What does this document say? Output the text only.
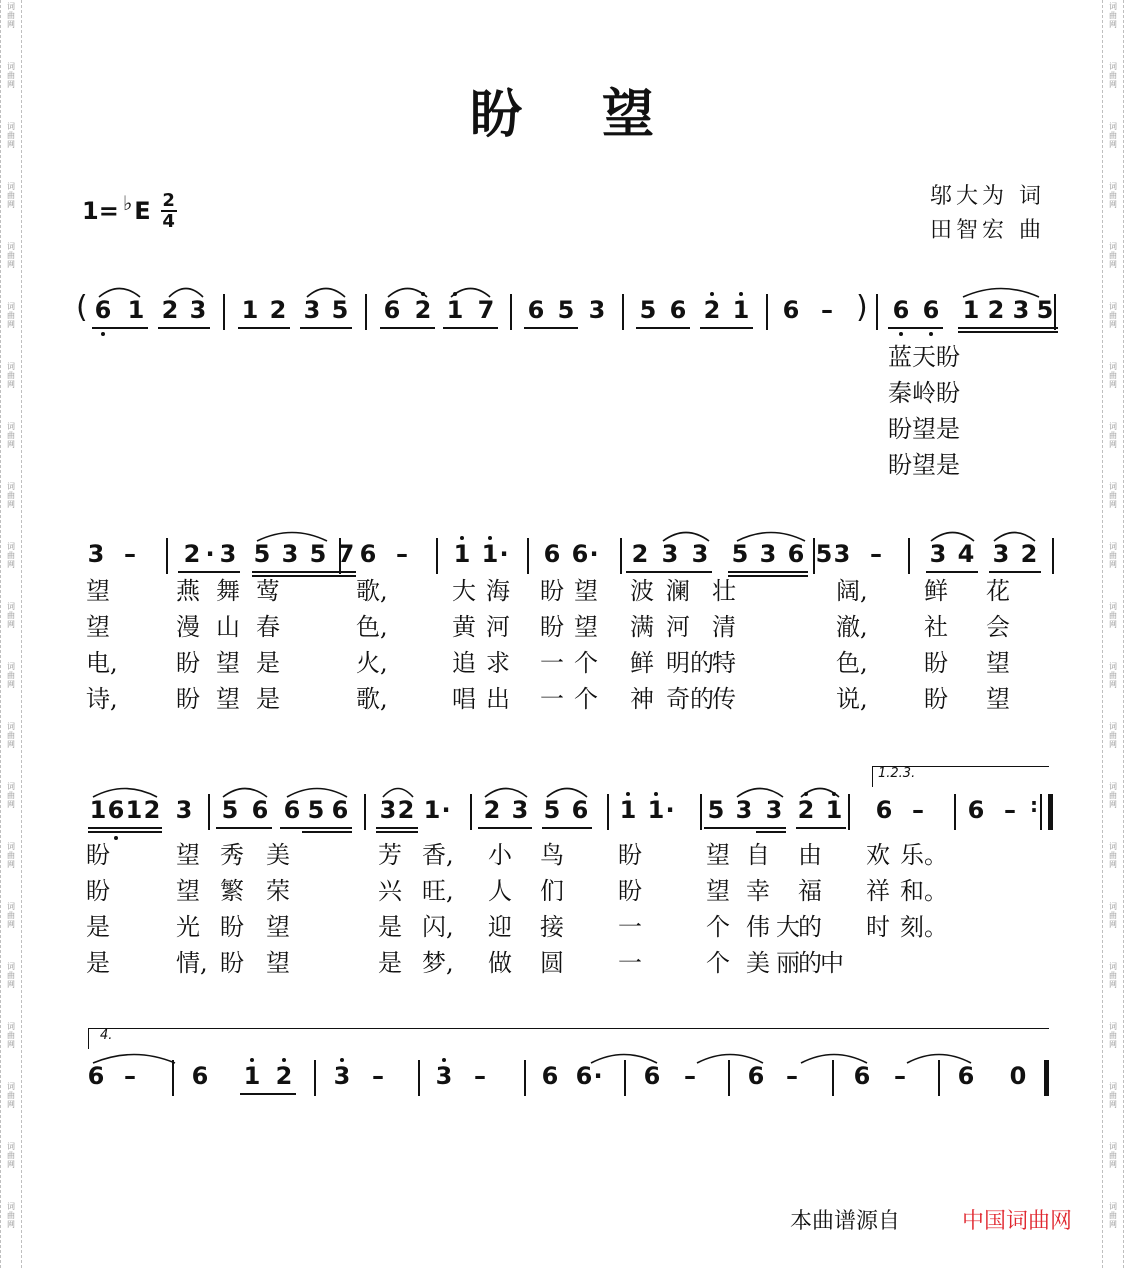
词
曲
网
词
曲
网
词
曲
网
词
曲
网
词
曲
网
词
曲
网
词
曲
网
词
曲
网
词
曲
网
词
曲
网
词
曲
网
词
曲
网
词
曲
网
词
曲
网
词
曲
网
词
曲
网
词
曲
网
词
曲
网
词
曲
网
词
曲
网
词
曲
网
词
曲
网
词
曲
网
词
曲
网
词
曲
网
词
曲
网
词
曲
网
词
曲
网
词
曲
网
词
曲
网
词
曲
网
词
曲
网
词
曲
网
词
曲
网
词
曲
网
词
曲
网
词
曲
网
词
曲
网
词
曲
网
词
曲
网
词
曲
网
词
曲
网
盼望
1= ♭ E 2
4
邬大为 词
田智宏 曲
( 6 1 2 3 1 2 3 5 6 2 1 7 6 5 3 5 6 2 1 6 – 6 6 1 2 3 5
)
蓝天盼
秦岭盼
盼望是
盼望是
3 – 2 · 3 5 3 5 7 6 – 1 1 ·	6 6 ·	2 3 3 5 3 6 5 3 – 3 4 3 2
望	燕 舞 莺	歌,	大 海 盼 望 波 澜 壮	阔, 鲜 花
望	漫 山 春	色,	黄 河 盼 望 满 河 清	澈, 社 会
电, 盼 望 是	火,	追 求 一 个 鲜 明 的
特	色, 盼 望
诗, 盼 望 是	歌,	唱 出 一 个 神 奇 的
传	说, 盼 望
1 6 1 2 3 5 6 6 5 6 3 2 1 ·	2 3 5 6 1 1 ·	5 3 3 2 1 6 – 6 – :
1.2.3.
盼	望 秀 美	芳 香, 小 鸟 盼	望 自 由 欢 乐。
盼	望 繁 荣	兴 旺, 人 们 盼	望 幸 福 祥 和。
是	光 盼 望	是 闪, 迎 接 一	个 伟 大
的 时 刻。
是	情, 盼 望	是 梦, 做 圆 一	个 美 丽
的
中
6 – 6 1 2 3 – 3 – 6 6 ·	6 – 6 – 6 – 6 0
4.
本曲谱源自	中国词曲网
